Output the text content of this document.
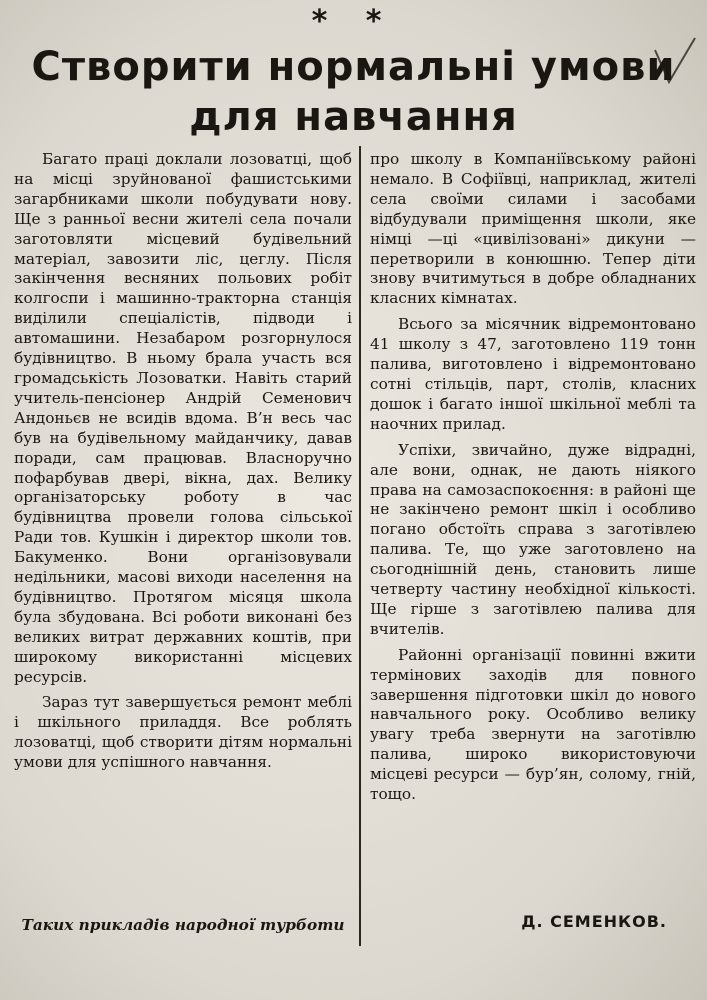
* *
Створити нормальні умови
для навчання

Багато праці доклали лозоватці, щоб на місці зруйнованої фашистськими загарбниками школи побудувати нову. Ще з ранньої весни жителі села почали заготовляти місцевий будівельний матеріал, завозити ліс, цеглу. Після закінчення весняних польових робіт колгоспи і машинно-тракторна станція виділили спеціалістів, підводи і автомашини. Незабаром розгорнулося будівництво. В ньому брала участь вся громадськість Лозоватки. Навіть старий учитель-пенсіонер Андрій Семенович Андоньєв не всидів вдома. В’н весь час був на будівельному майданчику, давав поради, сам працював. Власноручно пофарбував двері, вікна, дах. Велику організаторську роботу в час будівництва провели голова сільської Ради тов. Кушкін і директор школи тов. Бакуменко. Вони організовували недільники, масові виходи населення на будівництво. Протягом місяця школа була збудована. Всі роботи виконані без великих витрат державних коштів, при широкому використанні місцевих ресурсів.

Зараз тут завершується ремонт меблі і шкільного приладдя. Все роблять лозоватці, щоб створити дітям нормальні умови для успішного навчання.

Таких прикладів народної турботи

про школу в Компаніївському районі немало. В Софіївці, наприклад, жителі села своїми силами і засобами відбудували приміщення школи, яке німці —ці «цивілізовані» дикуни — перетворили в конюшню. Тепер діти знову вчитимуться в добре обладнаних класних кімнатах.

Всього за місячник відремонтовано 41 школу з 47, заготовлено 119 тонн палива, виготовлено і відремонтовано сотні стільців, парт, столів, класних дошок і багато іншої шкільної меблі та наочних прилад.

Успіхи, звичайно, дуже відрадні, але вони, однак, не дають ніякого права на самозаспокоєння: в районі ще не закінчено ремонт шкіл і особливо погано обстоїть справа з заготівлею палива. Те, що уже заготовлено на сьогоднішній день, становить лише четверту частину необхідної кількості. Ще гірше з заготівлею палива для вчителів.

Районні організації повинні вжити термінових заходів для повного завершення підготовки шкіл до нового навчального року. Особливо велику увагу треба звернути на заготівлю палива, широко використовуючи місцеві ресурси — бур’ян, солому, гній, тощо.

Д. СЕМЕНКОВ.
